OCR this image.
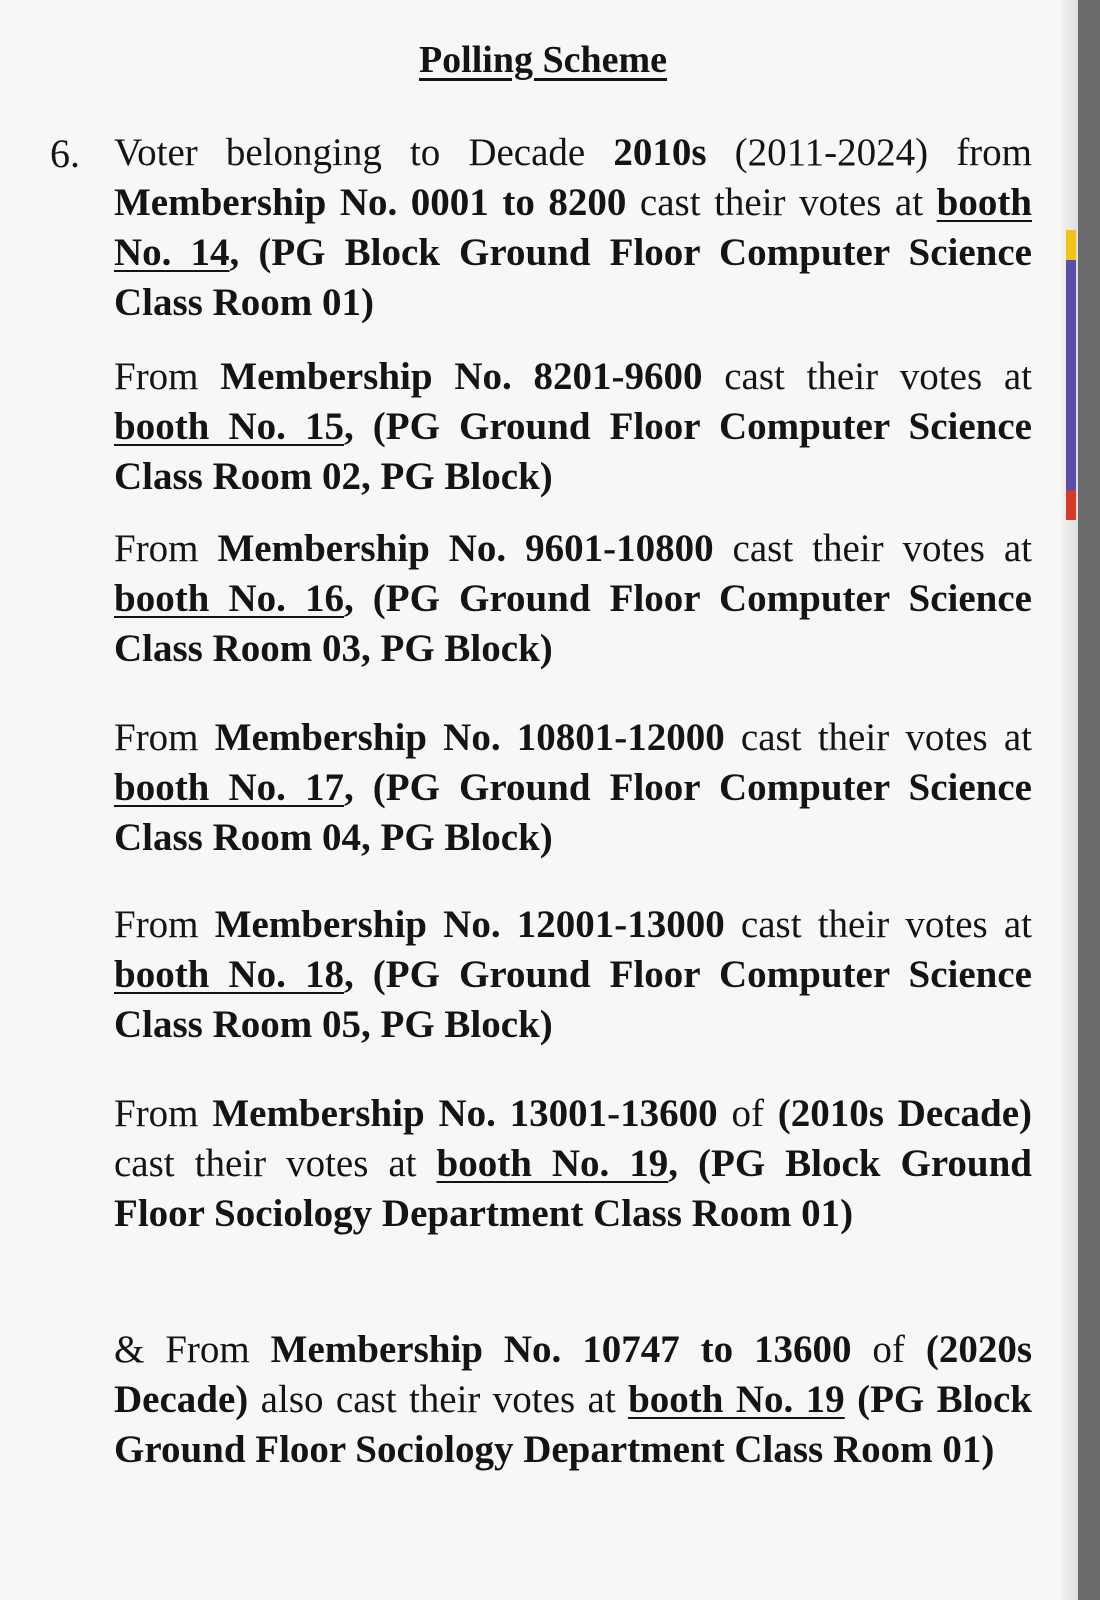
Polling Scheme
6. Voter belonging to Decade 2010s (2011-2024) from Membership No. 0001 to 8200 cast their votes at booth No. 14, (PG Block Ground Floor Computer Science Class Room 01)

From Membership No. 8201-9600 cast their votes at booth No. 15, (PG Ground Floor Computer Science Class Room 02, PG Block)

From Membership No. 9601-10800 cast their votes at booth No. 16, (PG Ground Floor Computer Science Class Room 03, PG Block)

From Membership No. 10801-12000 cast their votes at booth No. 17, (PG Ground Floor Computer Science Class Room 04, PG Block)

From Membership No. 12001-13000 cast their votes at booth No. 18, (PG Ground Floor Computer Science Class Room 05, PG Block)

From Membership No. 13001-13600 of (2010s Decade) cast their votes at booth No. 19, (PG Block Ground Floor Sociology Department Class Room 01)

& From Membership No. 10747 to 13600 of (2020s Decade) also cast their votes at booth No. 19 (PG Block Ground Floor Sociology Department Class Room 01)
